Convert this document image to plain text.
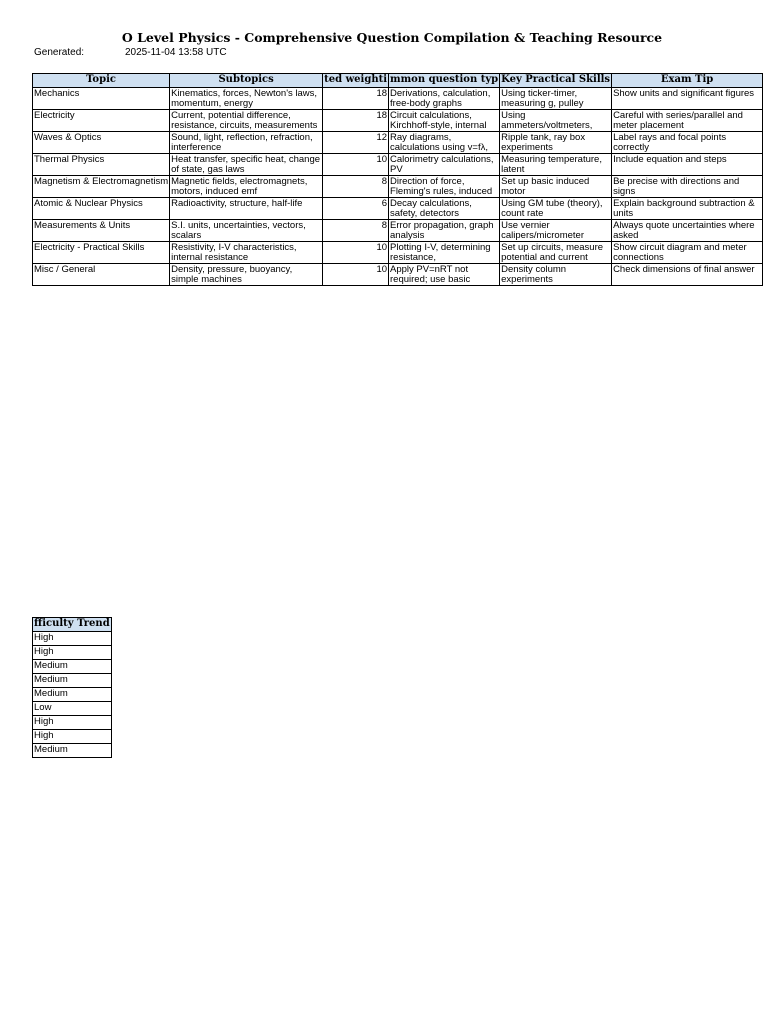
O Level Physics - Comprehensive Question Compilation & Teaching Resource
Generated:	2025-11-04 13:58 UTC
Topic	Subtopics	ted weighti	mmon question typ	Key Practical Skills	Exam Tip
Mechanics	Kinematics, forces, Newton's laws, momentum, energy	18	Derivations, calculation, free-body graphs	Using ticker-timer, measuring g, pulley	Show units and significant figures
Electricity	Current, potential difference, resistance, circuits, measurements	18	Circuit calculations, Kirchhoff-style, internal	Using ammeters/voltmeters,	Careful with series/parallel and meter placement
Waves & Optics	Sound, light, reflection, refraction, interference	12	Ray diagrams, calculations using v=fλ,	Ripple tank, ray box experiments	Label rays and focal points correctly
Thermal Physics	Heat transfer, specific heat, change of state, gas laws	10	Calorimetry calculations, PV	Measuring temperature, latent	Include equation and steps
Magnetism & Electromagnetism	Magnetic fields, electromagnets, motors, induced emf	8	Direction of force, Fleming's rules, induced	Set up basic induced motor	Be precise with directions and signs
Atomic & Nuclear Physics	Radioactivity, structure, half-life	6	Decay calculations, safety, detectors	Using GM tube (theory), count rate	Explain background subtraction & units
Measurements & Units	S.I. units, uncertainties, vectors, scalars	8	Error propagation, graph analysis	Use vernier calipers/micrometer	Always quote uncertainties where asked
Electricity - Practical Skills	Resistivity, I-V characteristics, internal resistance	10	Plotting I-V, determining resistance,	Set up circuits, measure potential and current	Show circuit diagram and meter connections
Misc / General	Density, pressure, buoyancy, simple machines	10	Apply PV=nRT not required; use basic	Density column experiments	Check dimensions of final answer
fficulty Trend
High
High
Medium
Medium
Medium
Low
High
High
Medium
